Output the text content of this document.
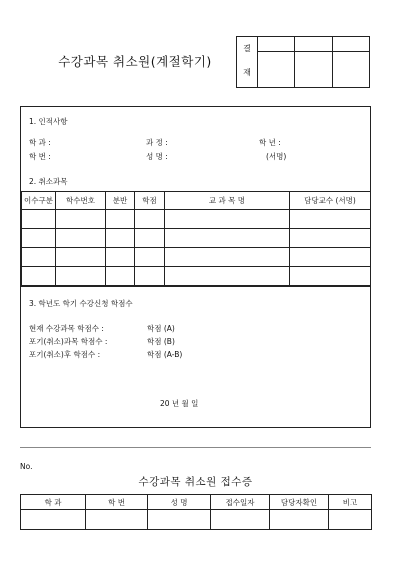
수강과목 취소원(계절학기)
결
재
1. 인적사항
학 과 :	과 정 :	학 년 :
학 번 :	성 명 :	(서명)
2. 취소과목
이수구분	학수번호	분반	학점	교 과 목 명	담당교수 (서명)

3. 학년도 학기 수강신청 학점수
현재 수강과목 학점수 :	학점 (A)
포기(취소)과목 학점수 :	학점 (B)
포기(취소)후 학점수 :	학점 (A-B)
20 년 월 일
No.
수강과목 취소원 접수증
학 과	학 번	성 명	접수일자	담당자확인	비고
